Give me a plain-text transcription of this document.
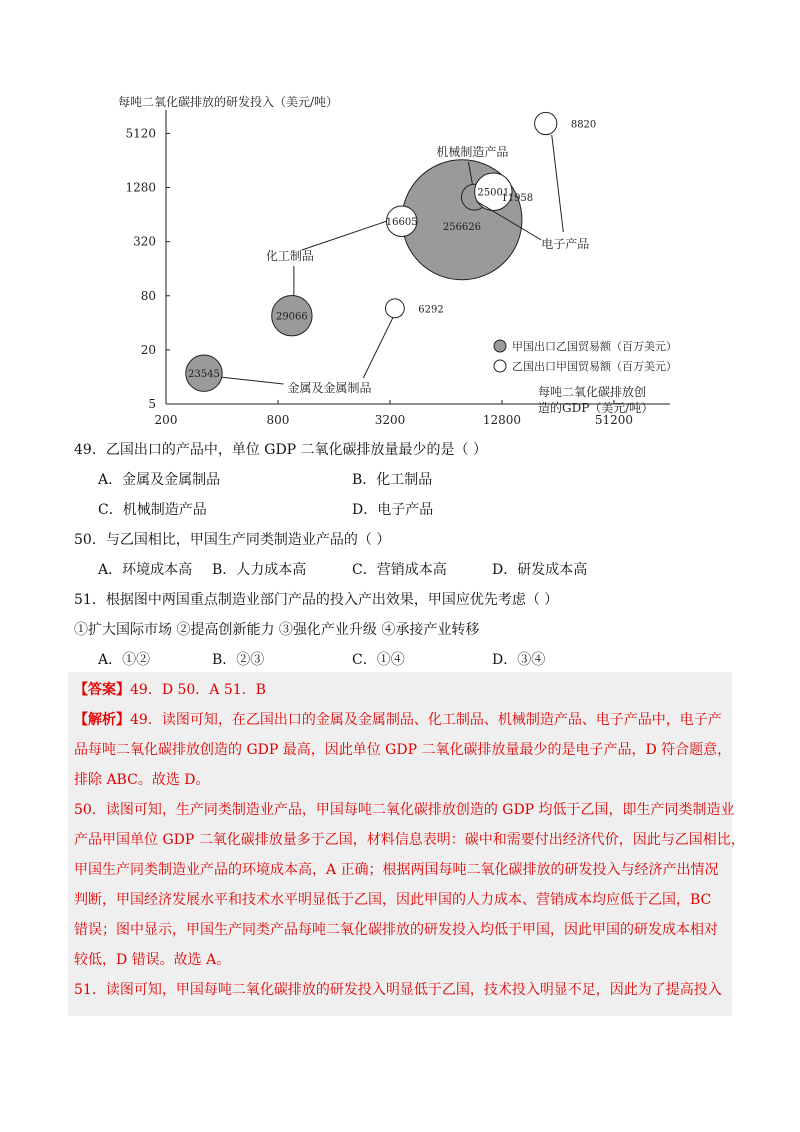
200	800	3200	12800	51200
5
20
80
320
1280
5120
每吨二氧化碳排放的研发投入（美元/吨）
每吨二氧化碳排放创
造的GDP（美元/吨）
23545
29066
256626
11958
6292
16605
25001
8820
机械制造产品
化工制品
电子产品
金属及金属制品
甲国出口乙国贸易额（百万美元）
乙国出口甲国贸易额（百万美元）
49．乙国出口的产品中，单位 GDP 二氧化碳排放量最少的是（ ）
A．金属及金属制品	B．化工制品
C．机械制造产品	D．电子产品
50．与乙国相比，甲国生产同类制造业产品的（ ）
A．环境成本高 B．人力成本高	C．营销成本高	D．研发成本高
51．根据图中两国重点制造业部门产品的投入产出效果，甲国应优先考虑（ ）
①扩大国际市场 ②提高创新能力 ③强化产业升级 ④承接产业转移
A．①②	B．②③	C．①④	D．③④
【答案】49．D 50．A 51．B
【解析】49．读图可知，在乙国出口的金属及金属制品、化工制品、机械制造产品、电子产品中，电子产
品每吨二氧化碳排放创造的 GDP 最高，因此单位 GDP 二氧化碳排放量最少的是电子产品，D 符合题意，
排除 ABC。故选 D。
50．读图可知，生产同类制造业产品，甲国每吨二氧化碳排放创造的 GDP 均低于乙国，即生产同类制造业
产品甲国单位 GDP 二氧化碳排放量多于乙国，材料信息表明：碳中和需要付出经济代价，因此与乙国相比，
甲国生产同类制造业产品的环境成本高，A 正确；根据两国每吨二氧化碳排放的研发投入与经济产出情况
判断，甲国经济发展水平和技术水平明显低于乙国，因此甲国的人力成本、营销成本均应低于乙国，BC
错误；图中显示，甲国生产同类产品每吨二氧化碳排放的研发投入均低于甲国，因此甲国的研发成本相对
较低，D 错误。故选 A。
51．读图可知，甲国每吨二氧化碳排放的研发投入明显低于乙国，技术投入明显不足，因此为了提高投入
